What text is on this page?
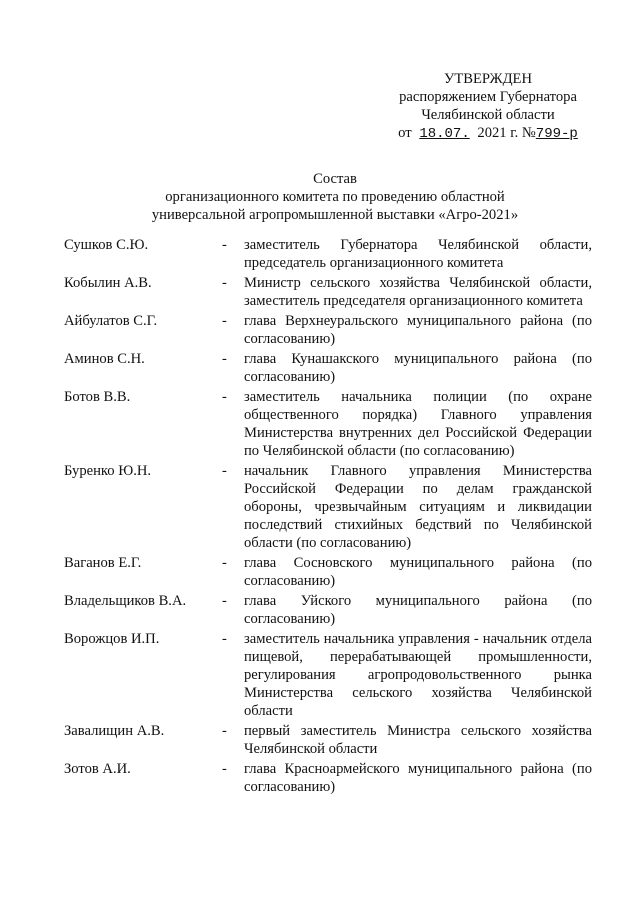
УТВЕРЖДЕН
распоряжением Губернатора
Челябинской области
от 18.07. 2021 г. №799-р
Состав
организационного комитета по проведению областной
универсальной агропромышленной выставки «Агро-2021»
Сушков С.Ю.	-	заместитель Губернатора Челябинской области, председатель организационного комитета
Кобылин А.В.	-	Министр сельского хозяйства Челябинской области, заместитель председателя организационного комитета
Айбулатов С.Г.	-	глава Верхнеуральского муниципального района (по согласованию)
Аминов С.Н.	-	глава Кунашакского муниципального района (по согласованию)
Ботов В.В.	-	заместитель начальника полиции (по охране общественного порядка) Главного управления Министерства внутренних дел Российской Федерации по Челябинской области (по согласованию)
Буренко Ю.Н.	-	начальник Главного управления Министерства Российской Федерации по делам гражданской обороны, чрезвычайным ситуациям и ликвидации последствий стихийных бедствий по Челябинской области (по согласованию)
Ваганов Е.Г.	-	глава Сосновского муниципального района (по согласованию)
Владельщиков В.А.	-	глава Уйского муниципального района (по согласованию)
Ворожцов И.П.	-	заместитель начальника управления - начальник отдела пищевой, перерабатывающей промышленности, регулирования агропродовольственного рынка Министерства сельского хозяйства Челябинской области
Завалищин А.В.	-	первый заместитель Министра сельского хозяйства Челябинской области
Зотов А.И.	-	глава Красноармейского муниципального района (по согласованию)
